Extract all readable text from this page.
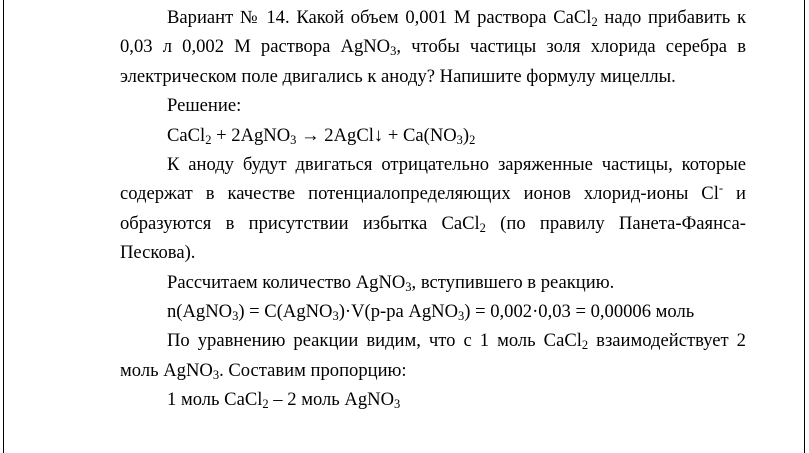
Вариант № 14. Какой объем 0,001 М раствора CaCl$_2$ надо прибавить к 0,03 л 0,002 М раствора AgNO$_3$, чтобы частицы золя хлорида серебра в электрическом поле двигались к аноду? Напишите формулу мицеллы.

Решение:

CaCl$_2$ + 2AgNO$_3$ → 2AgCl↓ + $Ca(NO_3)_2$

К аноду будут двигаться отрицательно заряженные частицы, которые содержат в качестве потенциалопределяющих ионов хлорид-ионы Cl- и образуются в присутствии избытка CaCl$_2$ (по правилу Панета-Фаянса-Пескова).

Рассчитаем количество AgNO$_3$, вступившего в реакцию.

n(AgNO$_3$) = C(AgNO$_3$)·V(р-ра AgNO$_3$) = 0,002·0,03 = 0,00006 моль

По уравнению реакции видим, что с 1 моль CaCl$_2$ взаимодействует 2 моль AgNO$_3$. Составим пропорцию:

1 моль CaCl$_2$ – 2 моль AgNO$_3$
